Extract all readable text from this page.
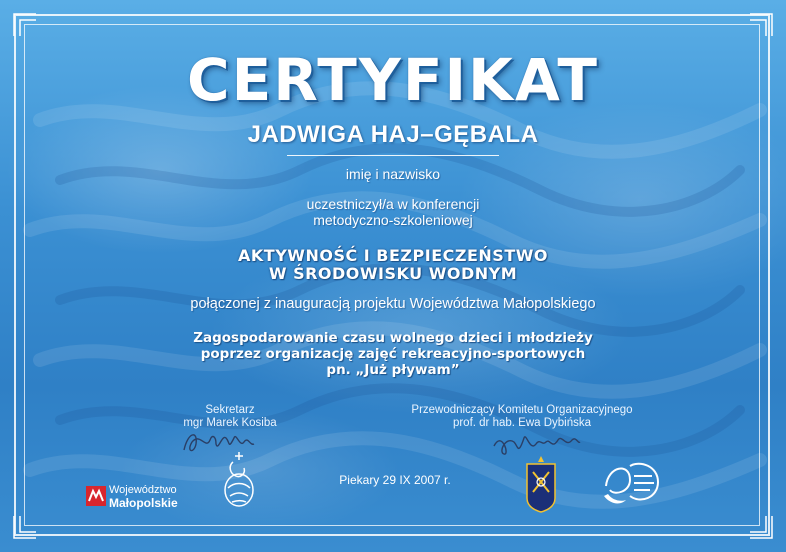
CERTYFIKAT
JADWIGA HAJ–GĘBALA
imię i nazwisko
uczestniczył/a w konferencji
metodyczno-szkoleniowej
AKTYWNOŚĆ I BEZPIECZEŃSTWO
W ŚRODOWISKU WODNYM
połączonej z inauguracją projektu Województwa Małopolskiego
Zagospodarowanie czasu wolnego dzieci i młodzieży
poprzez organizację zajęć rekreacyjno-sportowych
pn. „Już pływam”
Sekretarz
mgr Marek Kosiba
Przewodniczący Komitetu Organizacyjnego
prof. dr hab. Ewa Dybińska
Piekary 29 IX 2007 r.
Województwo
Małopolskie
